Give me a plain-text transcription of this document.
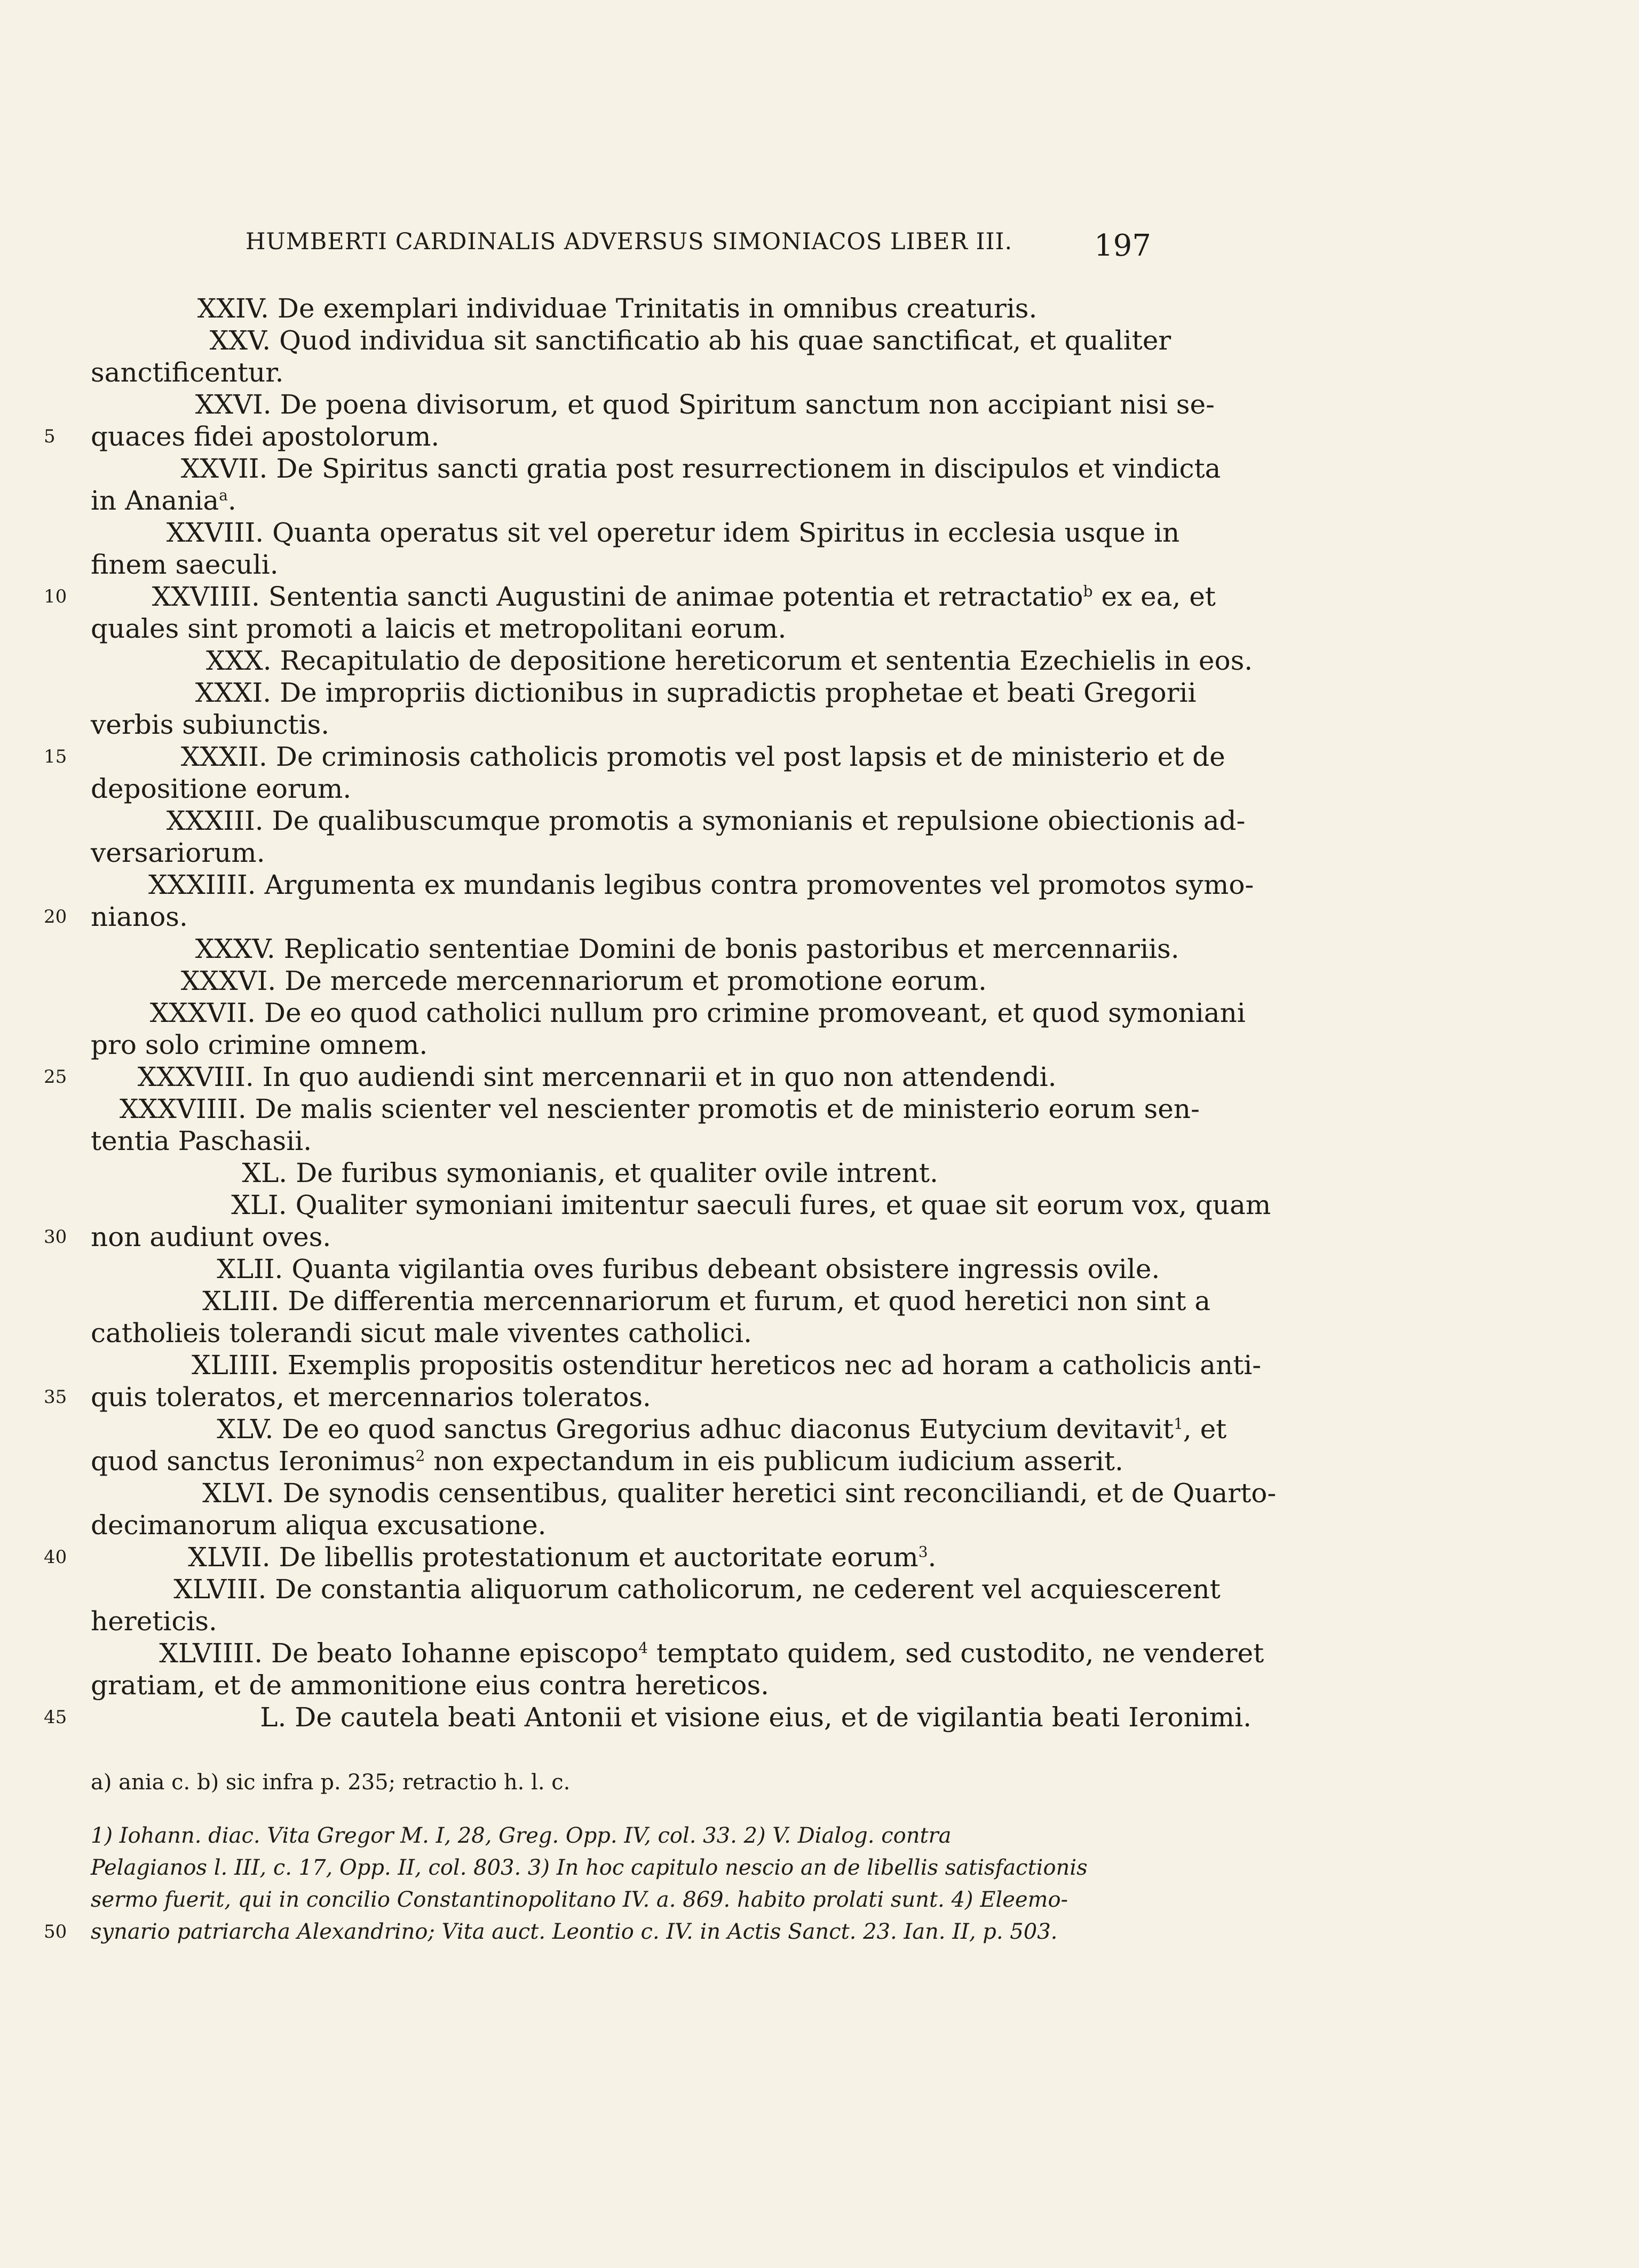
HUMBERTI CARDINALIS ADVERSUS SIMONIACOS LIBER III.	197
XXIV. De exemplari individuae Trinitatis in omnibus creaturis.
XXV. Quod individua sit sanctificatio ab his quae sanctificat, et qualiter
sanctificentur.
XXVI. De poena divisorum, et quod Spiritum sanctum non accipiant nisi se-
5	quaces fidei apostolorum.
XXVII. De Spiritus sancti gratia post resurrectionem in discipulos et vindicta
in Anania$^a$.
XXVIII. Quanta operatus sit vel operetur idem Spiritus in ecclesia usque in
finem saeculi.
10	XXVIIII. Sententia sancti Augustini de animae potentia et retractatio$^b$ ex ea, et
quales sint promoti a laicis et metropolitani eorum.
XXX. Recapitulatio de depositione hereticorum et sententia Ezechielis in eos.
XXXI. De impropriis dictionibus in supradictis prophetae et beati Gregorii
verbis subiunctis.
15	XXXII. De criminosis catholicis promotis vel post lapsis et de ministerio et de
depositione eorum.
XXXIII. De qualibuscumque promotis a symonianis et repulsione obiectionis ad-
versariorum.
XXXIIII. Argumenta ex mundanis legibus contra promoventes vel promotos symo-
20 nianos.
XXXV. Replicatio sententiae Domini de bonis pastoribus et mercennariis.
XXXVI. De mercede mercennariorum et promotione eorum.
XXXVII. De eo quod catholici nullum pro crimine promoveant, et quod symoniani
pro solo crimine omnem.
25	XXXVIII. In quo audiendi sint mercennarii et in quo non attendendi.
XXXVIIII. De malis scienter vel nescienter promotis et de ministerio eorum sen-
tentia Paschasii.
XL. De furibus symonianis, et qualiter ovile intrent.
XLI. Qualiter symoniani imitentur saeculi fures, et quae sit eorum vox, quam
30 non audiunt oves.
XLII. Quanta vigilantia oves furibus debeant obsistere ingressis ovile.
XLIII. De differentia mercennariorum et furum, et quod heretici non sint a
catholieis tolerandi sicut male viventes catholici.
XLIIII. Exemplis propositis ostenditur hereticos nec ad horam a catholicis anti-
35 quis toleratos, et mercennarios toleratos.
XLV. De eo quod sanctus Gregorius adhuc diaconus Eutycium devitavit$^1$, et
quod sanctus Ieronimus$^2$ non expectandum in eis publicum iudicium asserit.
XLVI. De synodis censentibus, qualiter heretici sint reconciliandi, et de Quarto-
decimanorum aliqua excusatione.
40	XLVII. De libellis protestationum et auctoritate eorum$^3$.
XLVIII. De constantia aliquorum catholicorum, ne cederent vel acquiescerent
hereticis.
XLVIIII. De beato Iohanne episcopo$^4$ temptato quidem, sed custodito, ne venderet
gratiam, et de ammonitione eius contra hereticos.
45	L. De cautela beati Antonii et visione eius, et de vigilantia beati Ieronimi.
a) ania c. b) sic infra p. 235; retractio h. l. c.
1) Iohann. diac. Vita Gregor M. I, 28, Greg. Opp. IV, col. 33. 2) V. Dialog. contra
Pelagianos l. III, c. 17, Opp. II, col. 803. 3) In hoc capitulo nescio an de libellis satisfactionis
sermo fuerit, qui in concilio Constantinopolitano IV. a. 869. habito prolati sunt. 4) Eleemo-
50	synario patriarcha Alexandrino; Vita auct. Leontio c. IV. in Actis Sanct. 23. Ian. II, p. 503.
